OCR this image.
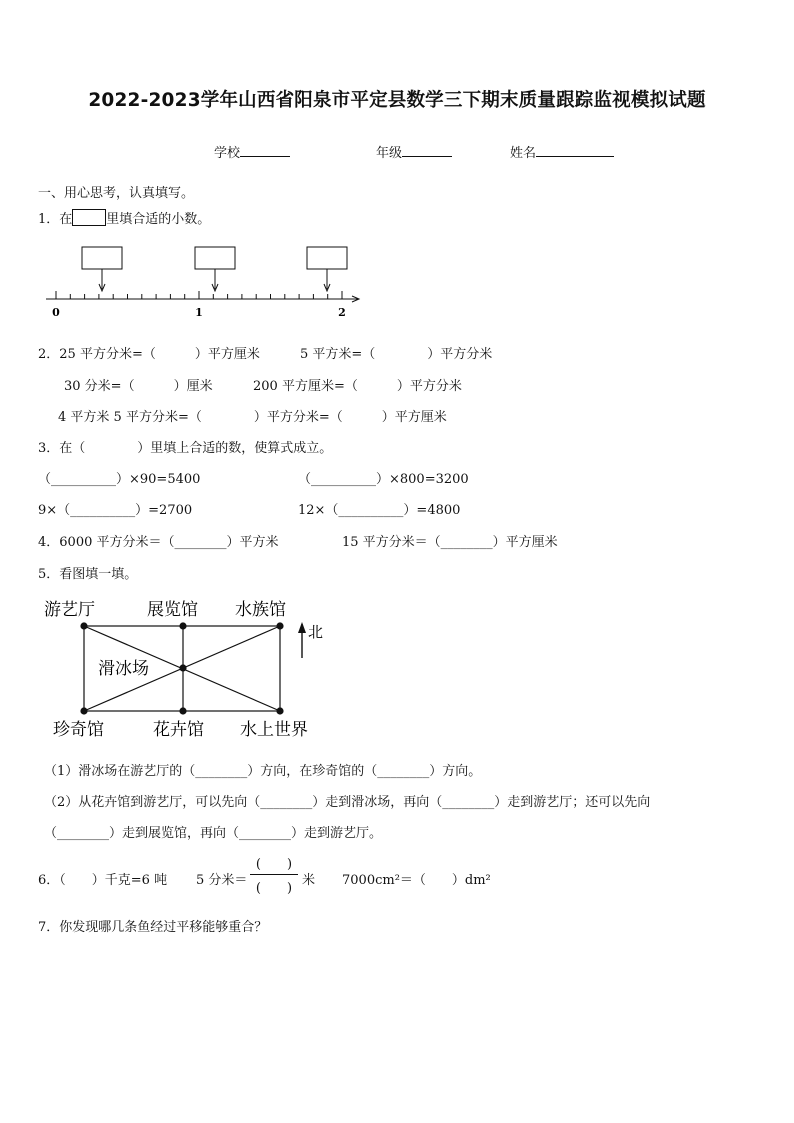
2022-2023学年山西省阳泉市平定县数学三下期末质量跟踪监视模拟试题
学校	年级	姓名
一、用心思考，认真填写。
1．在	里填合适的小数。
0	1	2
2．25 平方分米=（　　　）平方厘米	5 平方米=（　　　　）平方分米
30 分米=（　　　）厘米	200 平方厘米=（　　　）平方分米
4 平方米 5 平方分米=（　　　　）平方分米=（　　　）平方厘米
3．在（　　　　）里填上合适的数，使算式成立。
（__________）×90=5400	（__________）×800=3200
9×（__________）=2700	12×（__________）=4800
4．6000 平方分米＝（________）平方米	15 平方分米＝（________）平方厘米
5．看图填一填。
游艺厅	展览馆 水族馆
滑冰场
珍奇馆	花卉馆 水上世界
北
（1）滑冰场在游艺厅的（________）方向，在珍奇馆的（________）方向。
（2）从花卉馆到游艺厅，可以先向（________）走到滑冰场，再向（________）走到游艺厅；还可以先向
（________）走到展览馆，再向（________）走到游艺厅。
6．（　　）千克=6 吨 5 分米＝
(　　)
(　　)
米 7000cm²＝（　　）dm²
7．你发现哪几条鱼经过平移能够重合？
